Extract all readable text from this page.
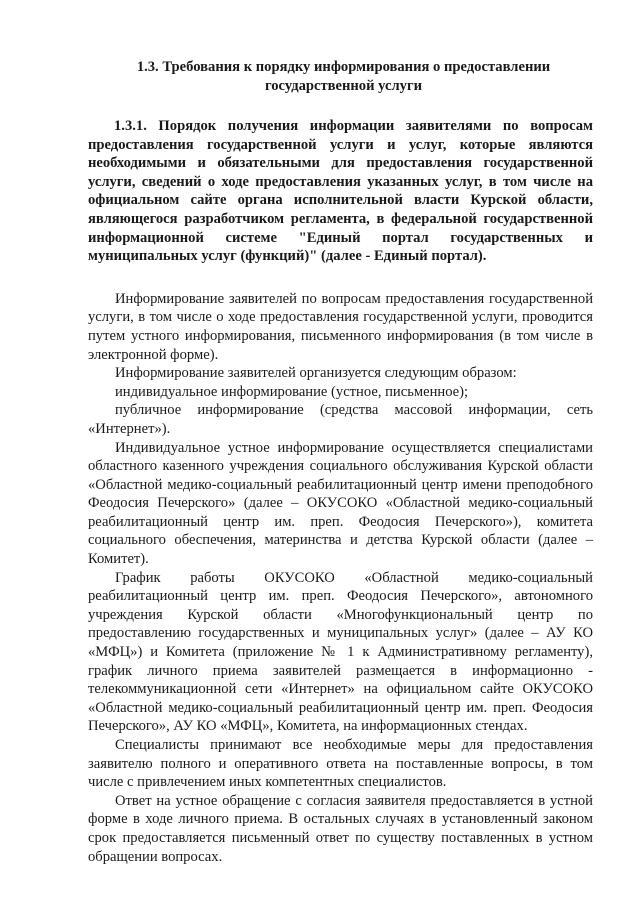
1.3. Требования к порядку информирования о предоставлении
государственной услуги

1.3.1. Порядок получения информации заявителями по вопросам предоставления государственной услуги и услуг, которые являются необходимыми и обязательными для предоставления государственной услуги, сведений о ходе предоставления указанных услуг, в том числе на официальном сайте органа исполнительной власти Курской области, являющегося разработчиком регламента, в федеральной государственной информационной системе "Единый портал государственных и муниципальных услуг (функций)" (далее - Единый портал).

Информирование заявителей по вопросам предоставления государственной услуги, в том числе о ходе предоставления государственной услуги, проводится путем устного информирования, письменного информирования (в том числе в электронной форме).

Информирование заявителей организуется следующим образом:

индивидуальное информирование (устное, письменное);

публичное информирование (средства массовой информации, сеть «Интернет»).

Индивидуальное устное информирование осуществляется специалистами областного казенного учреждения социального обслуживания Курской области «Областной медико-социальный реабилитационный центр имени преподобного Феодосия Печерского» (далее – ОКУСОКО «Областной медико-социальный реабилитационный центр им. преп. Феодосия Печерского»), комитета социального обеспечения, материнства и детства Курской области (далее – Комитет).

График работы ОКУСОКО «Областной медико-социальный реабилитационный центр им. преп. Феодосия Печерского», автономного учреждения Курской области «Многофункциональный центр по предоставлению государственных и муниципальных услуг» (далее – АУ КО «МФЦ») и Комитета (приложение № 1 к Административному регламенту), график личного приема заявителей размещается в информационно - телекоммуникационной сети «Интернет» на официальном сайте ОКУСОКО «Областной медико-социальный реабилитационный центр им. преп. Феодосия Печерского», АУ КО «МФЦ», Комитета, на информационных стендах.

Специалисты принимают все необходимые меры для предоставления заявителю полного и оперативного ответа на поставленные вопросы, в том числе с привлечением иных компетентных специалистов.

Ответ на устное обращение с согласия заявителя предоставляется в устной форме в ходе личного приема. В остальных случаях в установленный законом срок предоставляется письменный ответ по существу поставленных в устном обращении вопросах.
